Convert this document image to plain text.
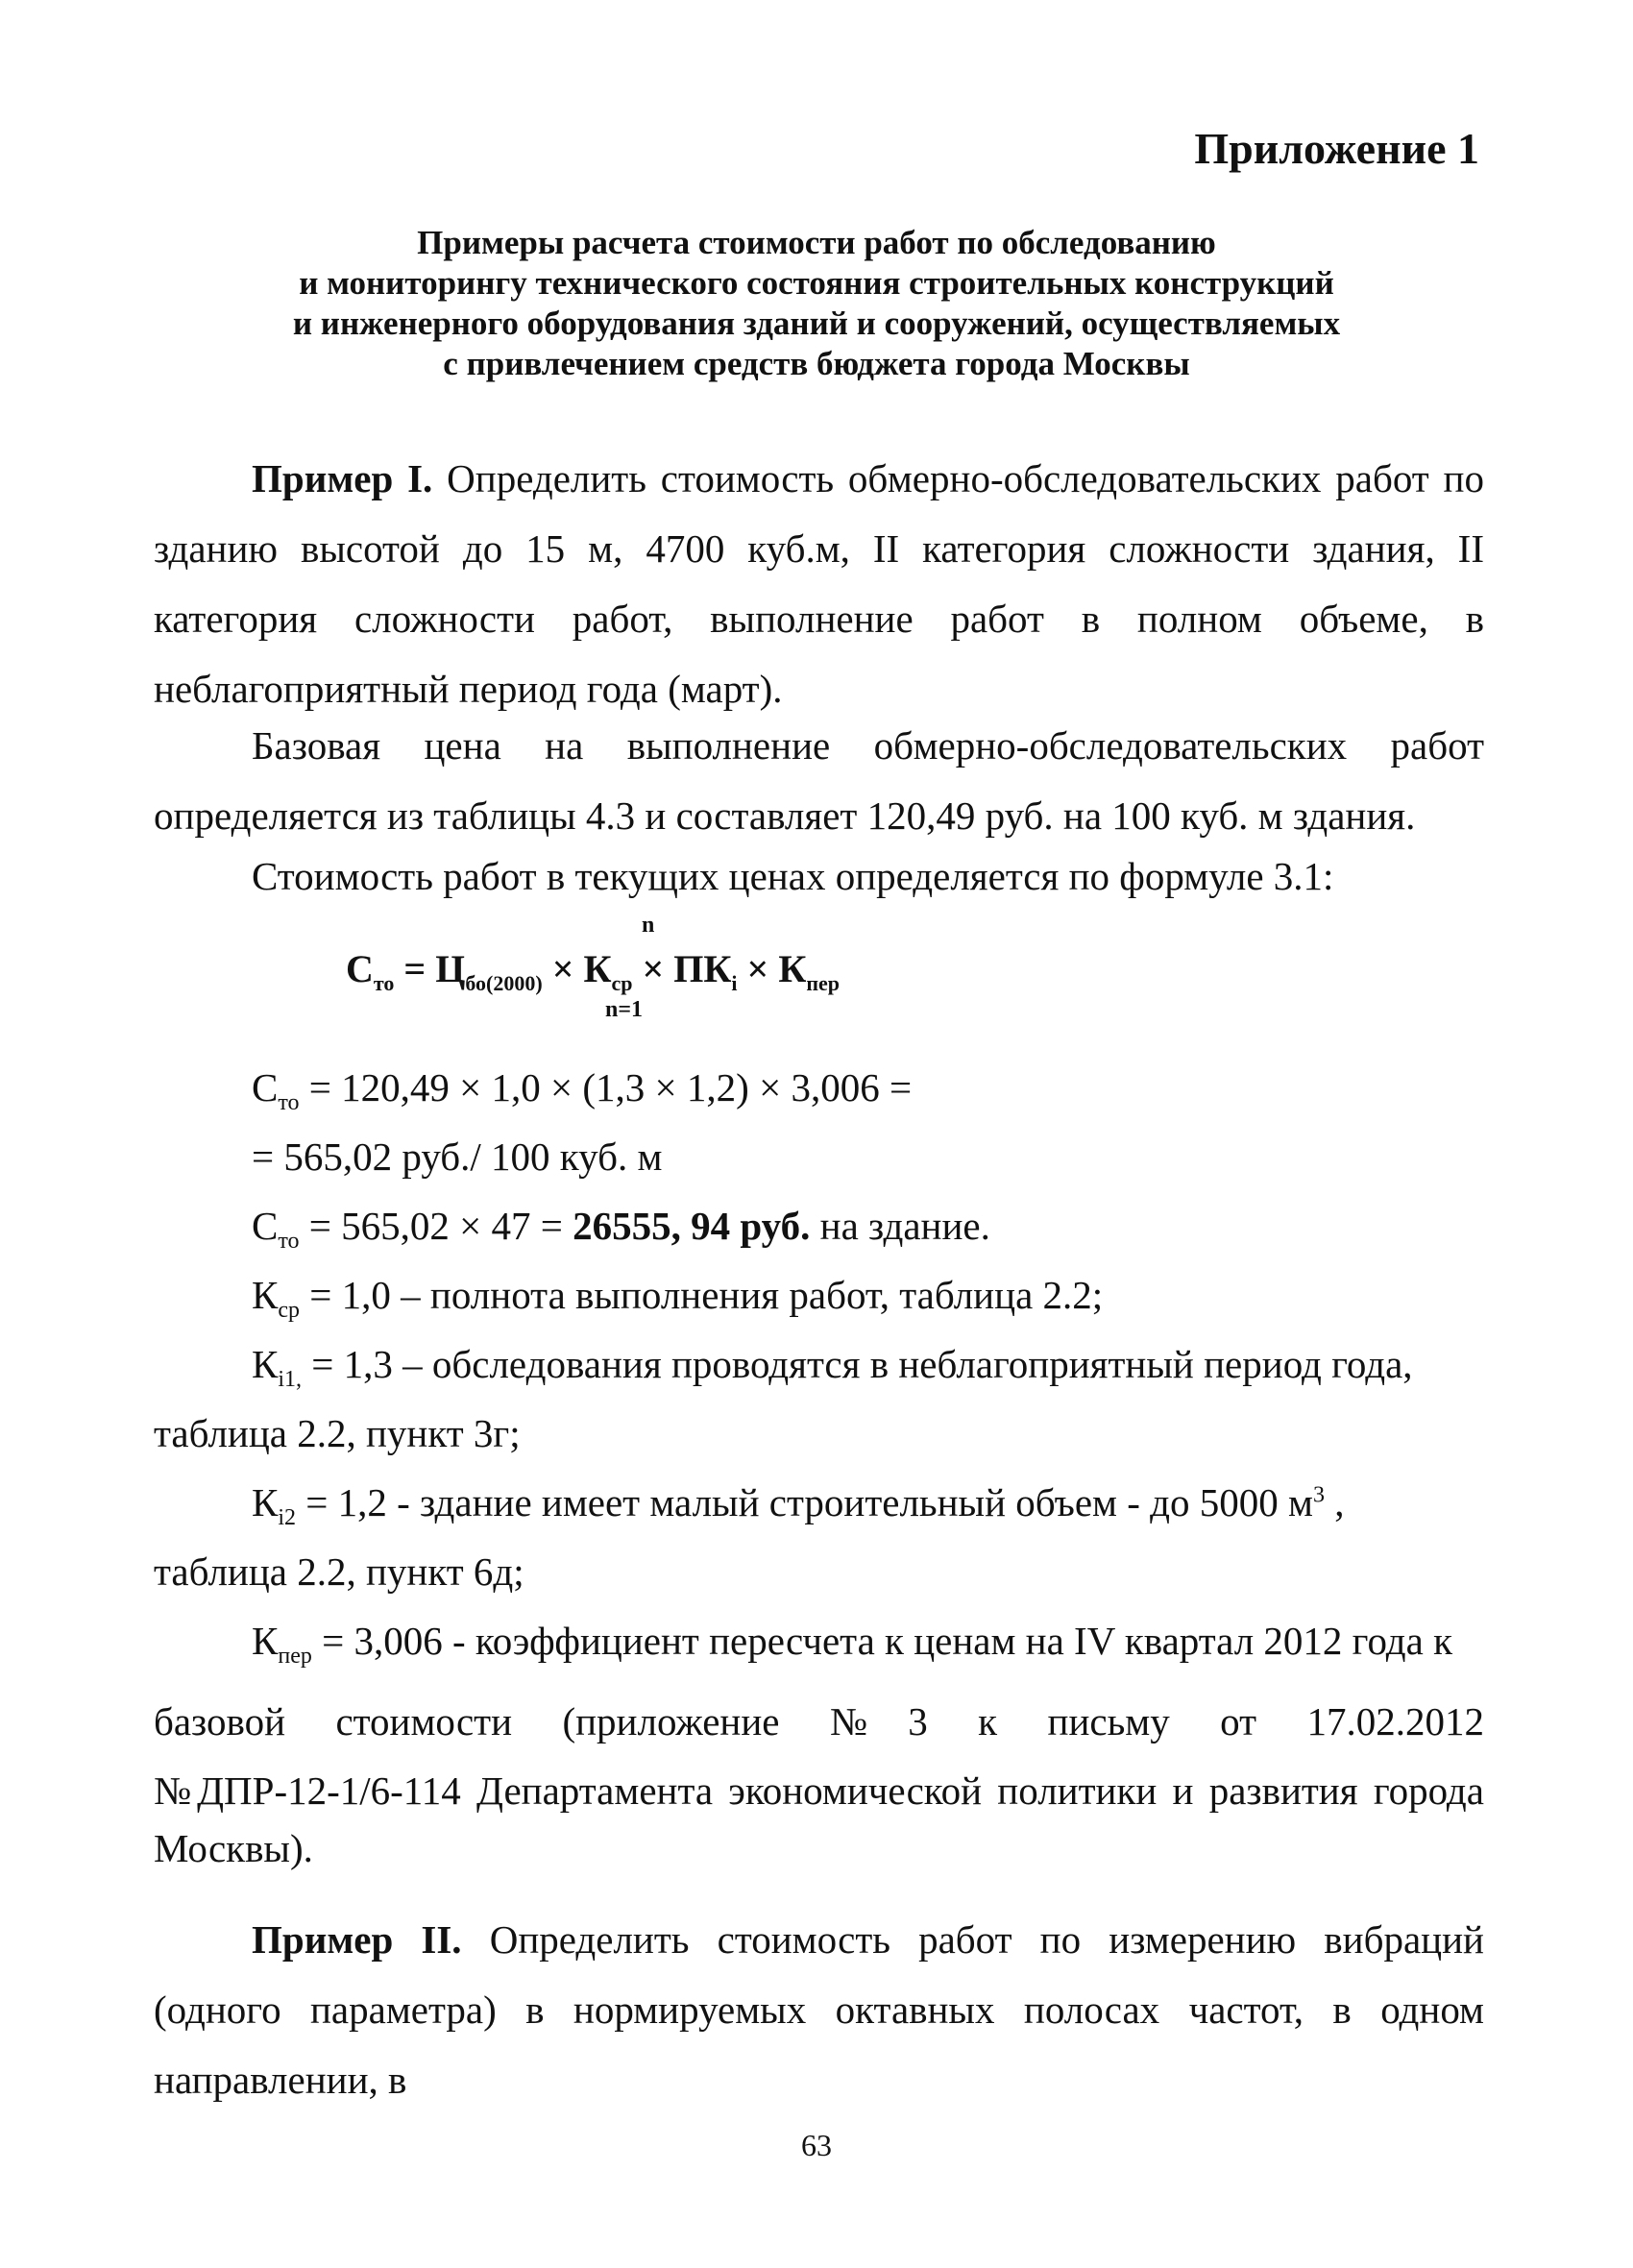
Приложение 1
Примеры расчета стоимости работ по обследованию
и мониторингу технического состояния строительных конструкций
и инженерного оборудования зданий и сооружений, осуществляемых
с привлечением средств бюджета города Москвы
Пример I. Определить стоимость обмерно-обследовательских работ по зданию высотой до 15 м, 4700 куб.м, II категория сложности здания, II категория сложности работ, выполнение работ в полном объеме, в неблагоприятный период года (март).
Базовая цена на выполнение обмерно-обследовательских работ определяется из таблицы 4.3 и составляет 120,49 руб. на 100 куб. м здания.
Стоимость работ в текущих ценах определяется по формуле 3.1:
n
$С_{то} = Ц_{бо(2000)} \times К_{ср} \times ПК_i \times К_{пер}$
n=1
$С_{то} = 120,49 \times 1,0 \times (1,3 \times 1,2) \times 3,006$ =
= 565,02 руб./ 100 куб. м
$С_{то} = 565,02 \times 47 = 26555$, 94 руб. на здание.
$К_{ср} = 1,0$ – полнота выполнения работ, таблица 2.2;
$К_{i1,} = 1,3$ – обследования проводятся в неблагоприятный период года,
таблица 2.2, пункт 3г;
$К_{i2} = 1,2$ - здание имеет малый строительный объем - до 5000 $м^3$ ,
таблица 2.2, пункт 6д;
$К_{пер} = 3,006$ - коэффициент пересчета к ценам на IV квартал 2012 года к
базовой стоимости (приложение №3 к письму от 17.02.2012
№ДПР-12-1/6-114 Департамента экономической политики и развития города
Москвы).
Пример II. Определить стоимость работ по измерению вибраций (одного параметра) в нормируемых октавных полосах частот, в одном направлении, в
63
